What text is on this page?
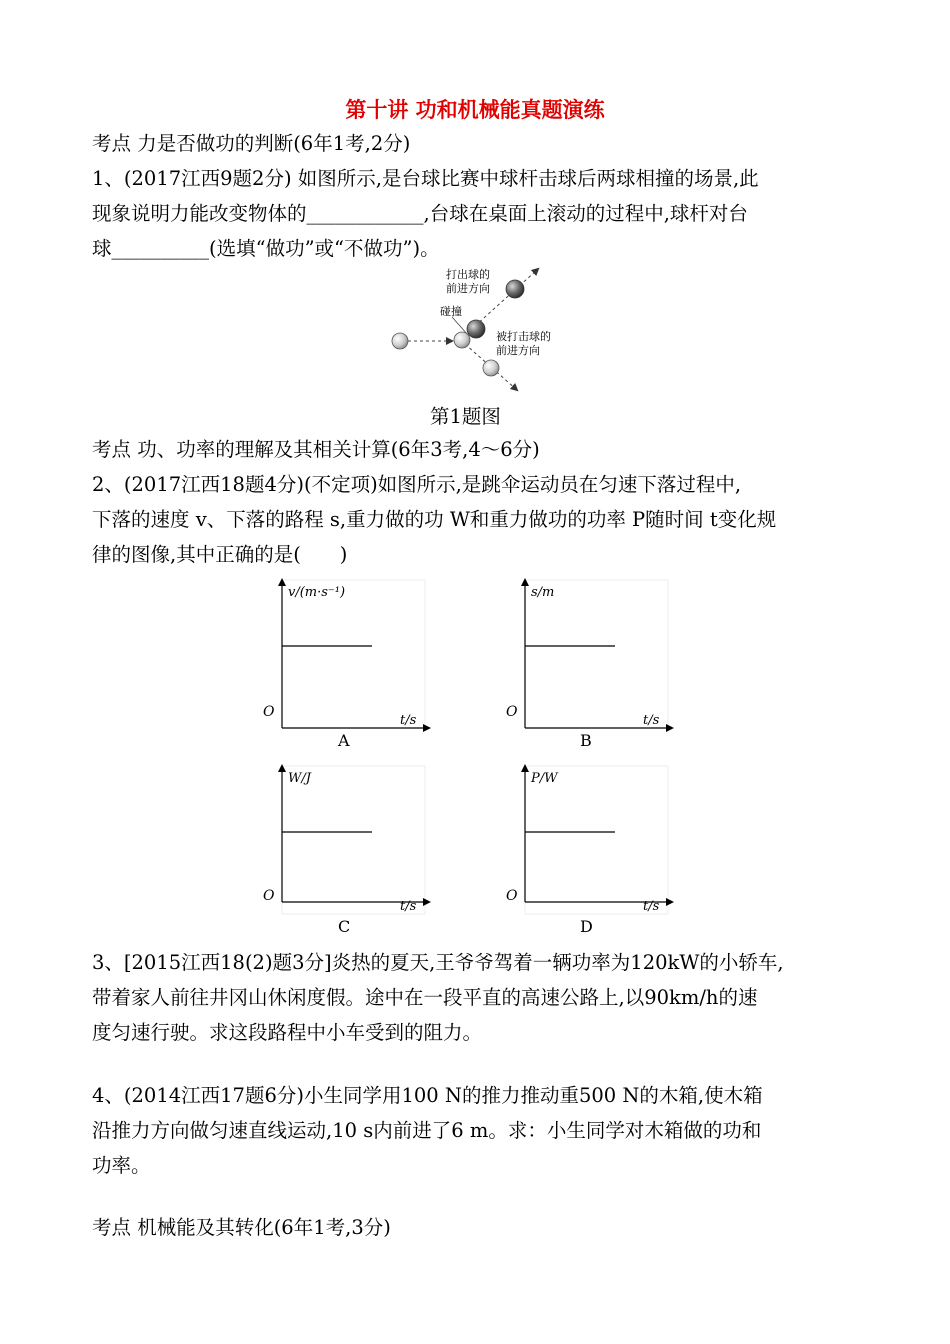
第十讲 功和机械能真题演练
考点 力是否做功的判断(6年1考,2分)
1、(2017江西9题2分) 如图所示,是台球比赛中球杆击球后两球相撞的场景,此
现象说明力能改变物体的____________,台球在桌面上滚动的过程中,球杆对台
球__________(选填“做功”或“不做功”)。
打出球的
前进方向
碰撞
被打击球的
前进方向
第1题图
考点 功、功率的理解及其相关计算(6年3考,4～6分)
2、(2017江西18题4分)(不定项)如图所示,是跳伞运动员在匀速下落过程中,
下落的速度 v、下落的路程 s,重力做的功 W和重力做功的功率 P随时间 t变化规
律的图像,其中正确的是(　　)
v/(m·s⁻¹)
t/s
O
A
s/m
t/s
O
B
W/J
t/s
O
C
P/W
t/s
O
D
3、[2015江西18(2)题3分]炎热的夏天,王爷爷驾着一辆功率为120kW的小轿车,
带着家人前往井冈山休闲度假。途中在一段平直的高速公路上,以90km/h的速
度匀速行驶。求这段路程中小车受到的阻力。
4、(2014江西17题6分)小生同学用100 N的推力推动重500 N的木箱,使木箱
沿推力方向做匀速直线运动,10 s内前进了6 m。求：小生同学对木箱做的功和
功率。
考点 机械能及其转化(6年1考,3分)
